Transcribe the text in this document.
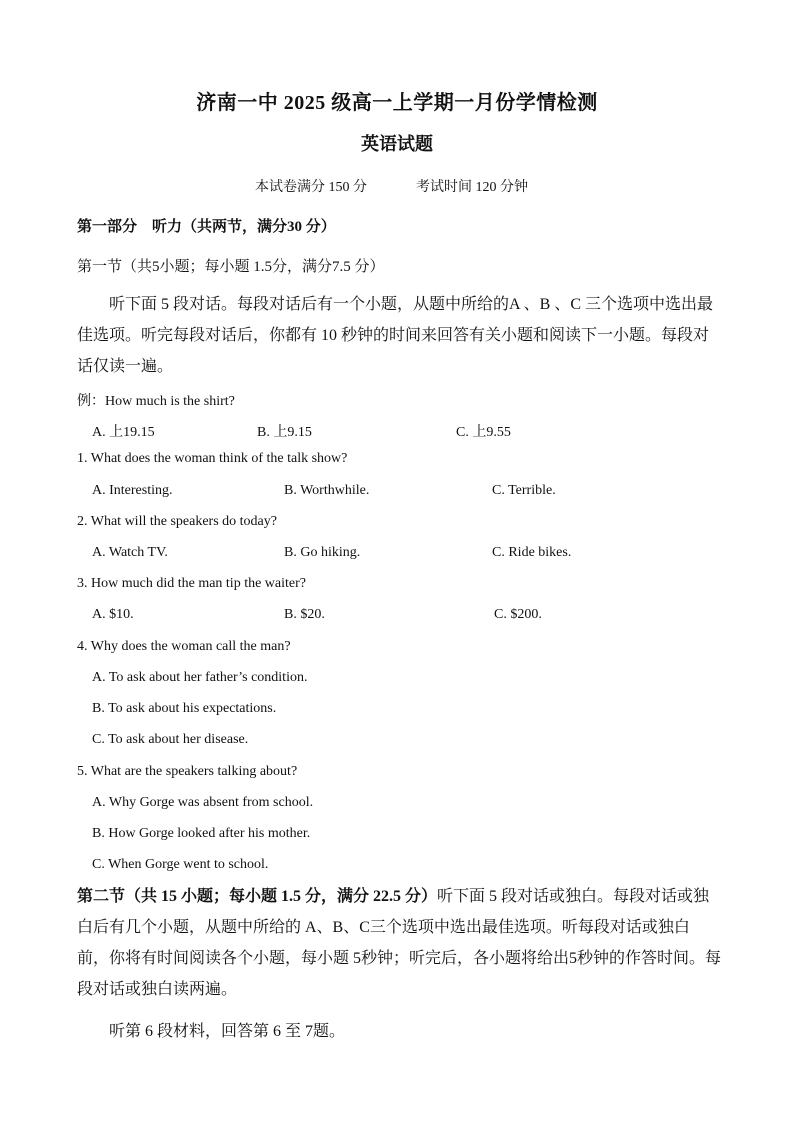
济南一中 2025 级高一上学期一月份学情检测
英语试题
本试卷满分 150 分	考试时间 120 分钟
第一部分　听力（共两节，满分30 分）
第一节（共5小题；每小题 1.5分，满分7.5 分）
听下面 5 段对话。每段对话后有一个小题，从题中所给的A 、B 、C 三个选项中选出最佳选项。听完每段对话后，你都有 10 秒钟的时间来回答有关小题和阅读下一小题。每段对话仅读一遍。
例：How much is the shirt?
A. 上19.15	B. 上9.15	C. 上9.55
1. What does the woman think of the talk show?
A. Interesting.	B. Worthwhile.	C. Terrible.
2. What will the speakers do today?
A. Watch TV.	B. Go hiking.	C. Ride bikes.
3. How much did the man tip the waiter?
A. $10.	B. $20.	C. $200.
4. Why does the woman call the man?
A. To ask about her father’s condition.
B. To ask about his expectations.
C. To ask about her disease.
5. What are the speakers talking about?
A. Why Gorge was absent from school.
B. How Gorge looked after his mother.
C. When Gorge went to school.
第二节（共 15 小题；每小题 1.5 分，满分 22.5 分）听下面 5 段对话或独白。每段对话或独白后有几个小题，从题中所给的 A、B、C三个选项中选出最佳选项。听每段对话或独白前，你将有时间阅读各个小题，每小题 5秒钟；听完后，各小题将给出5秒钟的作答时间。每段对话或独白读两遍。
听第 6 段材料，回答第 6 至 7题。
